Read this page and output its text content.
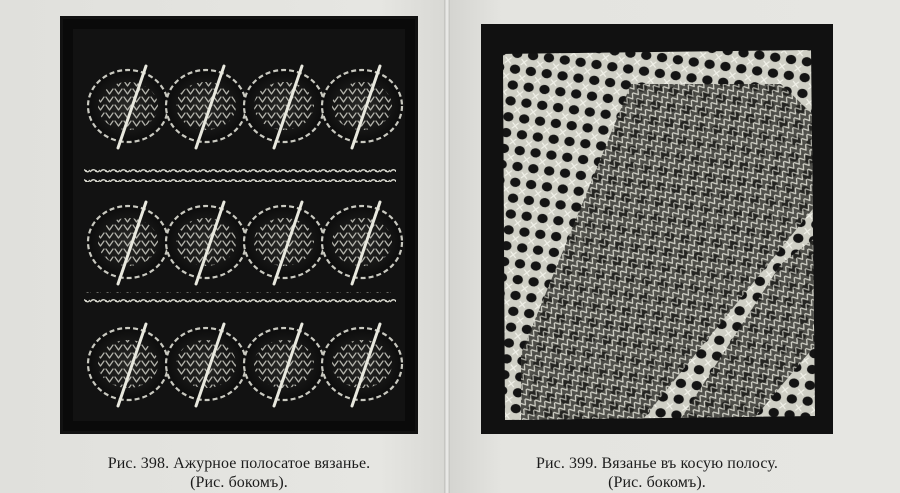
Рис. 398. Ажурное полосатое вязанье.
(Рис. бокомъ).
Рис. 399. Вязанье въ косую полосу.
(Рис. бокомъ).
